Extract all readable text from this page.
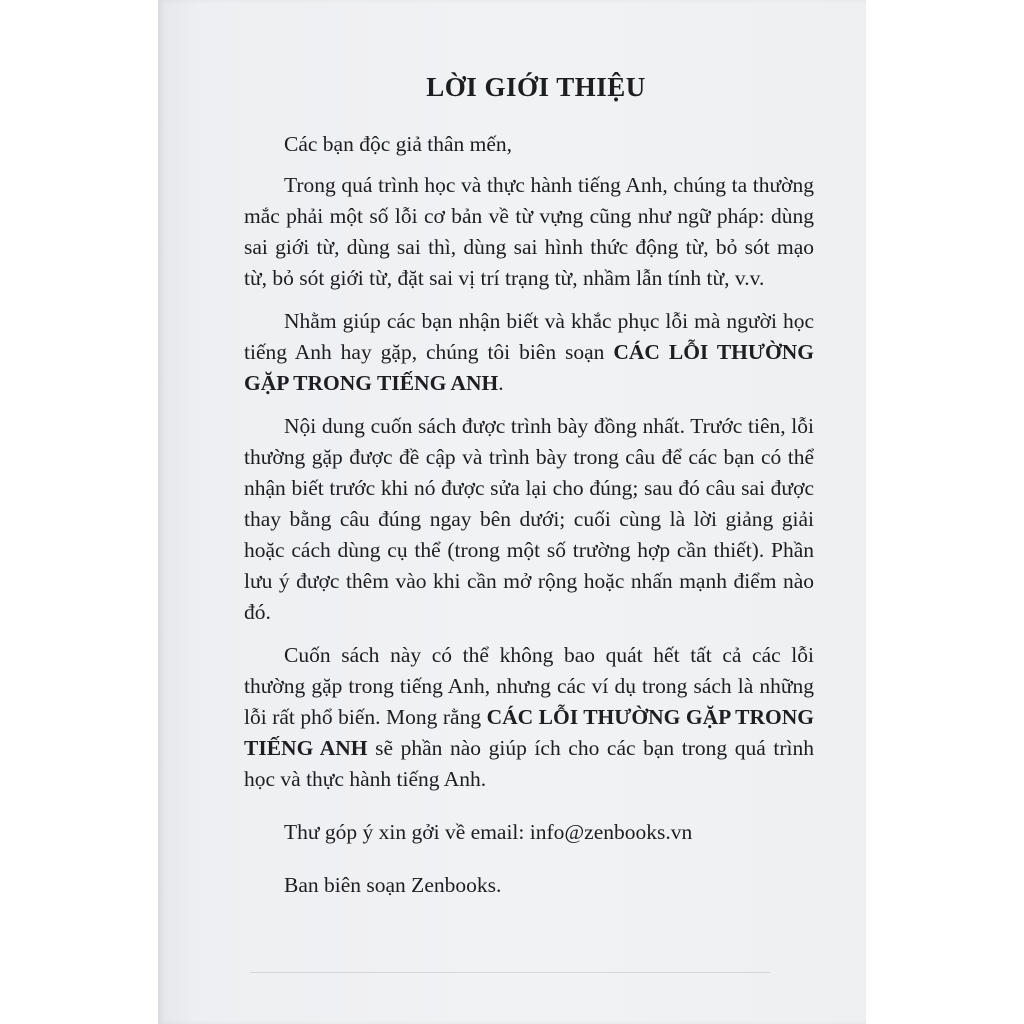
LỜI GIỚI THIỆU

Các bạn độc giả thân mến,

Trong quá trình học và thực hành tiếng Anh, chúng ta thường mắc phải một số lỗi cơ bản về từ vựng cũng như ngữ pháp: dùng sai giới từ, dùng sai thì, dùng sai hình thức động từ, bỏ sót mạo từ, bỏ sót giới từ, đặt sai vị trí trạng từ, nhầm lẫn tính từ, v.v.

Nhằm giúp các bạn nhận biết và khắc phục lỗi mà người học tiếng Anh hay gặp, chúng tôi biên soạn CÁC LỖI THƯỜNG GẶP TRONG TIẾNG ANH.

Nội dung cuốn sách được trình bày đồng nhất. Trước tiên, lỗi thường gặp được đề cập và trình bày trong câu để các bạn có thể nhận biết trước khi nó được sửa lại cho đúng; sau đó câu sai được thay bằng câu đúng ngay bên dưới; cuối cùng là lời giảng giải hoặc cách dùng cụ thể (trong một số trường hợp cần thiết). Phần lưu ý được thêm vào khi cần mở rộng hoặc nhấn mạnh điểm nào đó.

Cuốn sách này có thể không bao quát hết tất cả các lỗi thường gặp trong tiếng Anh, nhưng các ví dụ trong sách là những lỗi rất phổ biến. Mong rằng CÁC LỖI THƯỜNG GẶP TRONG TIẾNG ANH sẽ phần nào giúp ích cho các bạn trong quá trình học và thực hành tiếng Anh.

Thư góp ý xin gởi về email: info@zenbooks.vn

Ban biên soạn Zenbooks.
